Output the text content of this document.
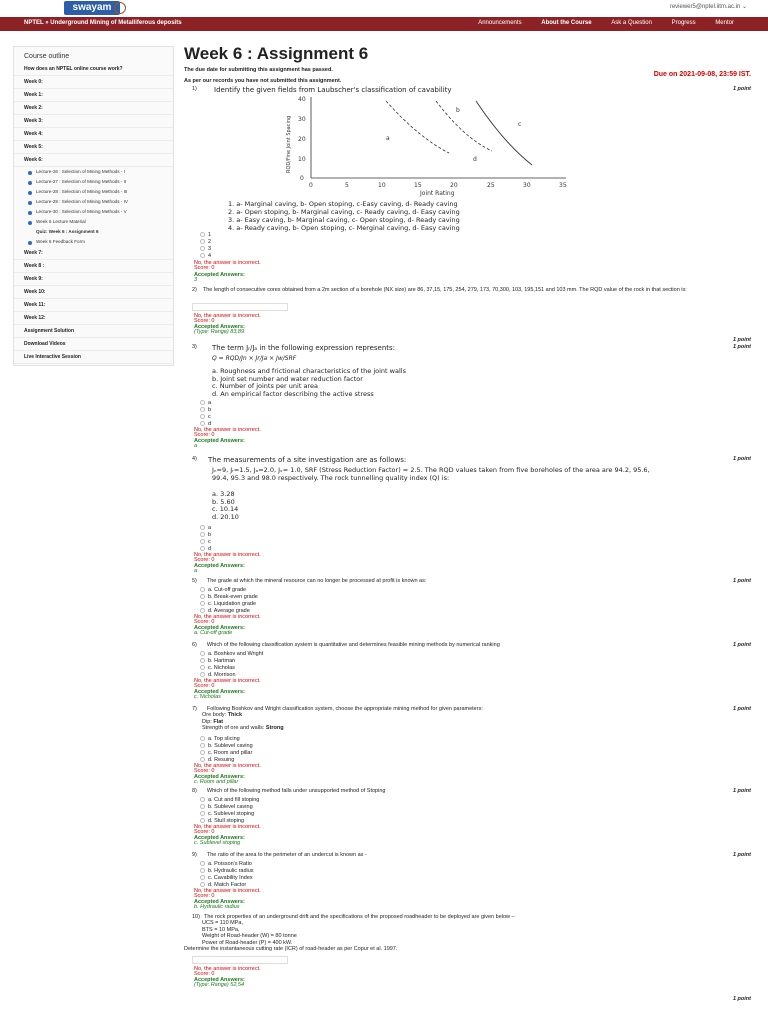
swayam	reviewer5@nptel.iitm.ac.in ⌄
NPTEL » Underground Mining of Metalliferous deposits	Announcements	About the Course	Ask a Question	Progress	Mentor
Course outline
How does an NPTEL online course work?
Week 0:
Week 1:
Week 2:
Week 3:
Week 4:
Week 5:
Week 6:
Lecture-26 : Selection of Mining Methods - I
Lecture-27 : Selection of Mining Methods - II
Lecture-28 : Selection of Mining Methods - III
Lecture-29 : Selection of Mining Methods - IV
Lecture-30 : Selection of Mining Methods - V
Week 6 Lecture Material
Quiz: Week 6 : Assignment 6
Week 6 Feedback Form
Week 7:
Week 8 :
Week 9:
Week 10:
Week 11:
Week 12:
Assignment Solution
Download Videos
Live Interactive Session
Week 6 : Assignment 6
The due date for submitting this assignment has passed.
As per our records you have not submitted this assignment.
Due on 2021-09-08, 23:59 IST.
1)	1 point
Identify the given fields from Laubscher's classification of cavability
0
10
20
30
40
0	5	10	15	20	25	30	35
Joint Rating
RQD/Fine Joint Spacing	a
b
c
d
1. a- Marginal caving, b- Open stoping, c-Easy caving, d- Ready caving
2. a- Open stoping, b- Marginal caving, c- Ready caving, d- Easy caving
3. a- Easy caving, b- Marginal caving, c- Open stoping, d- Ready caving
4. a- Ready caving, b- Open stoping, c- Merginal caving, d- Easy caving
1
2
3
4
No, the answer is incorrect.
Score: 0
Accepted Answers:
3
2) The length of consecutive cores obtained from a 2m section of a borehole (NX size) are 86, 37,15, 175, 254, 279, 173, 70,300, 103, 195,151 and 103 mm. The RQD value of the rock in that section is:
No, the answer is incorrect.
Score: 0
Accepted Answers:
(Type: Range) 83,89
1 point
1 point
3) The term Jᵣ/Jₐ in the following expression represents:
Q = RQD/Jn × Jr/Ja × Jw/SRF
a. Roughness and frictional characteristics of the joint walls
b. Joint set number and water reduction factor
c. Number of joints per unit area
d. An empirical factor describing the active stress
a
b
c
d
No, the answer is incorrect.
Score: 0
Accepted Answers:
a
4)	1 point
The measurements of a site investigation are as follows:
Jₙ=9, Jᵣ=1.5, Jₐ=2.0, Jᵥ= 1.0, SRF (Stress Reduction Factor) = 2.5. The RQD values taken from five boreholes of the area are 94.2, 95.6, 99.4, 95.3 and 98.0 respectively. The rock tunnelling quality index (Q) is:
a. 3.28
b. 5.60
c. 10.14
d. 20.10
a
b
c
d
No, the answer is incorrect.
Score: 0
Accepted Answers:
a
5) The grade at which the mineral resource can no longer be processed at profit is known as:	1 point
a. Cut-off grade
b. Break-even grade
c. Liquidation grade
d. Average grade
No, the answer is incorrect.
Score: 0
Accepted Answers:
a. Cut-off grade
6) Which of the following classification system is quantitative and determines feasible mining methods by numerical ranking	1 point
a. Boshkov and Wright
b. Hartman
c. Nicholas
d. Morrison
No, the answer is incorrect.
Score: 0
Accepted Answers:
c. Nicholas
7) Following Boshkov and Wright classification system, choose the appropriate mining method for given parameters:	1 point
Ore body: Thick
Dip: Flat
Strength of ore and walls: Strong
a. Top slicing
b. Sublevel caving
c. Room and pillar
d. Resuing
No, the answer is incorrect.
Score: 0
Accepted Answers:
c. Room and pillar
8) Which of the following method falls under unsupported method of Stoping	1 point
a. Cut and fill stoping
b. Sublevel caving
c. Sublevel stoping
d. Stull stoping
No, the answer is incorrect.
Score: 0
Accepted Answers:
c. Sublevel stoping
9) The ratio of the area to the perimeter of an undercut is known as -	1 point
a. Poisson's Ratio
b. Hydraulic radius
c. Cavability Index
d. Match Factor
No, the answer is incorrect.
Score: 0
Accepted Answers:
b. Hydraulic radius
10) The rock properties of an underground drift and the specifications of the proposed roadheader to be deployed are given below –
UCS = 110 MPa,
BTS = 10 MPa,
Weight of Road-header (W) = 80 tonne
Power of Road-header (P) = 400 kW.
Determine the instantaneous cutting rate (ICR) of road-header as per Copur et al. 1997.
No, the answer is incorrect.
Score: 0
Accepted Answers:
(Type: Range) 52,54
1 point
